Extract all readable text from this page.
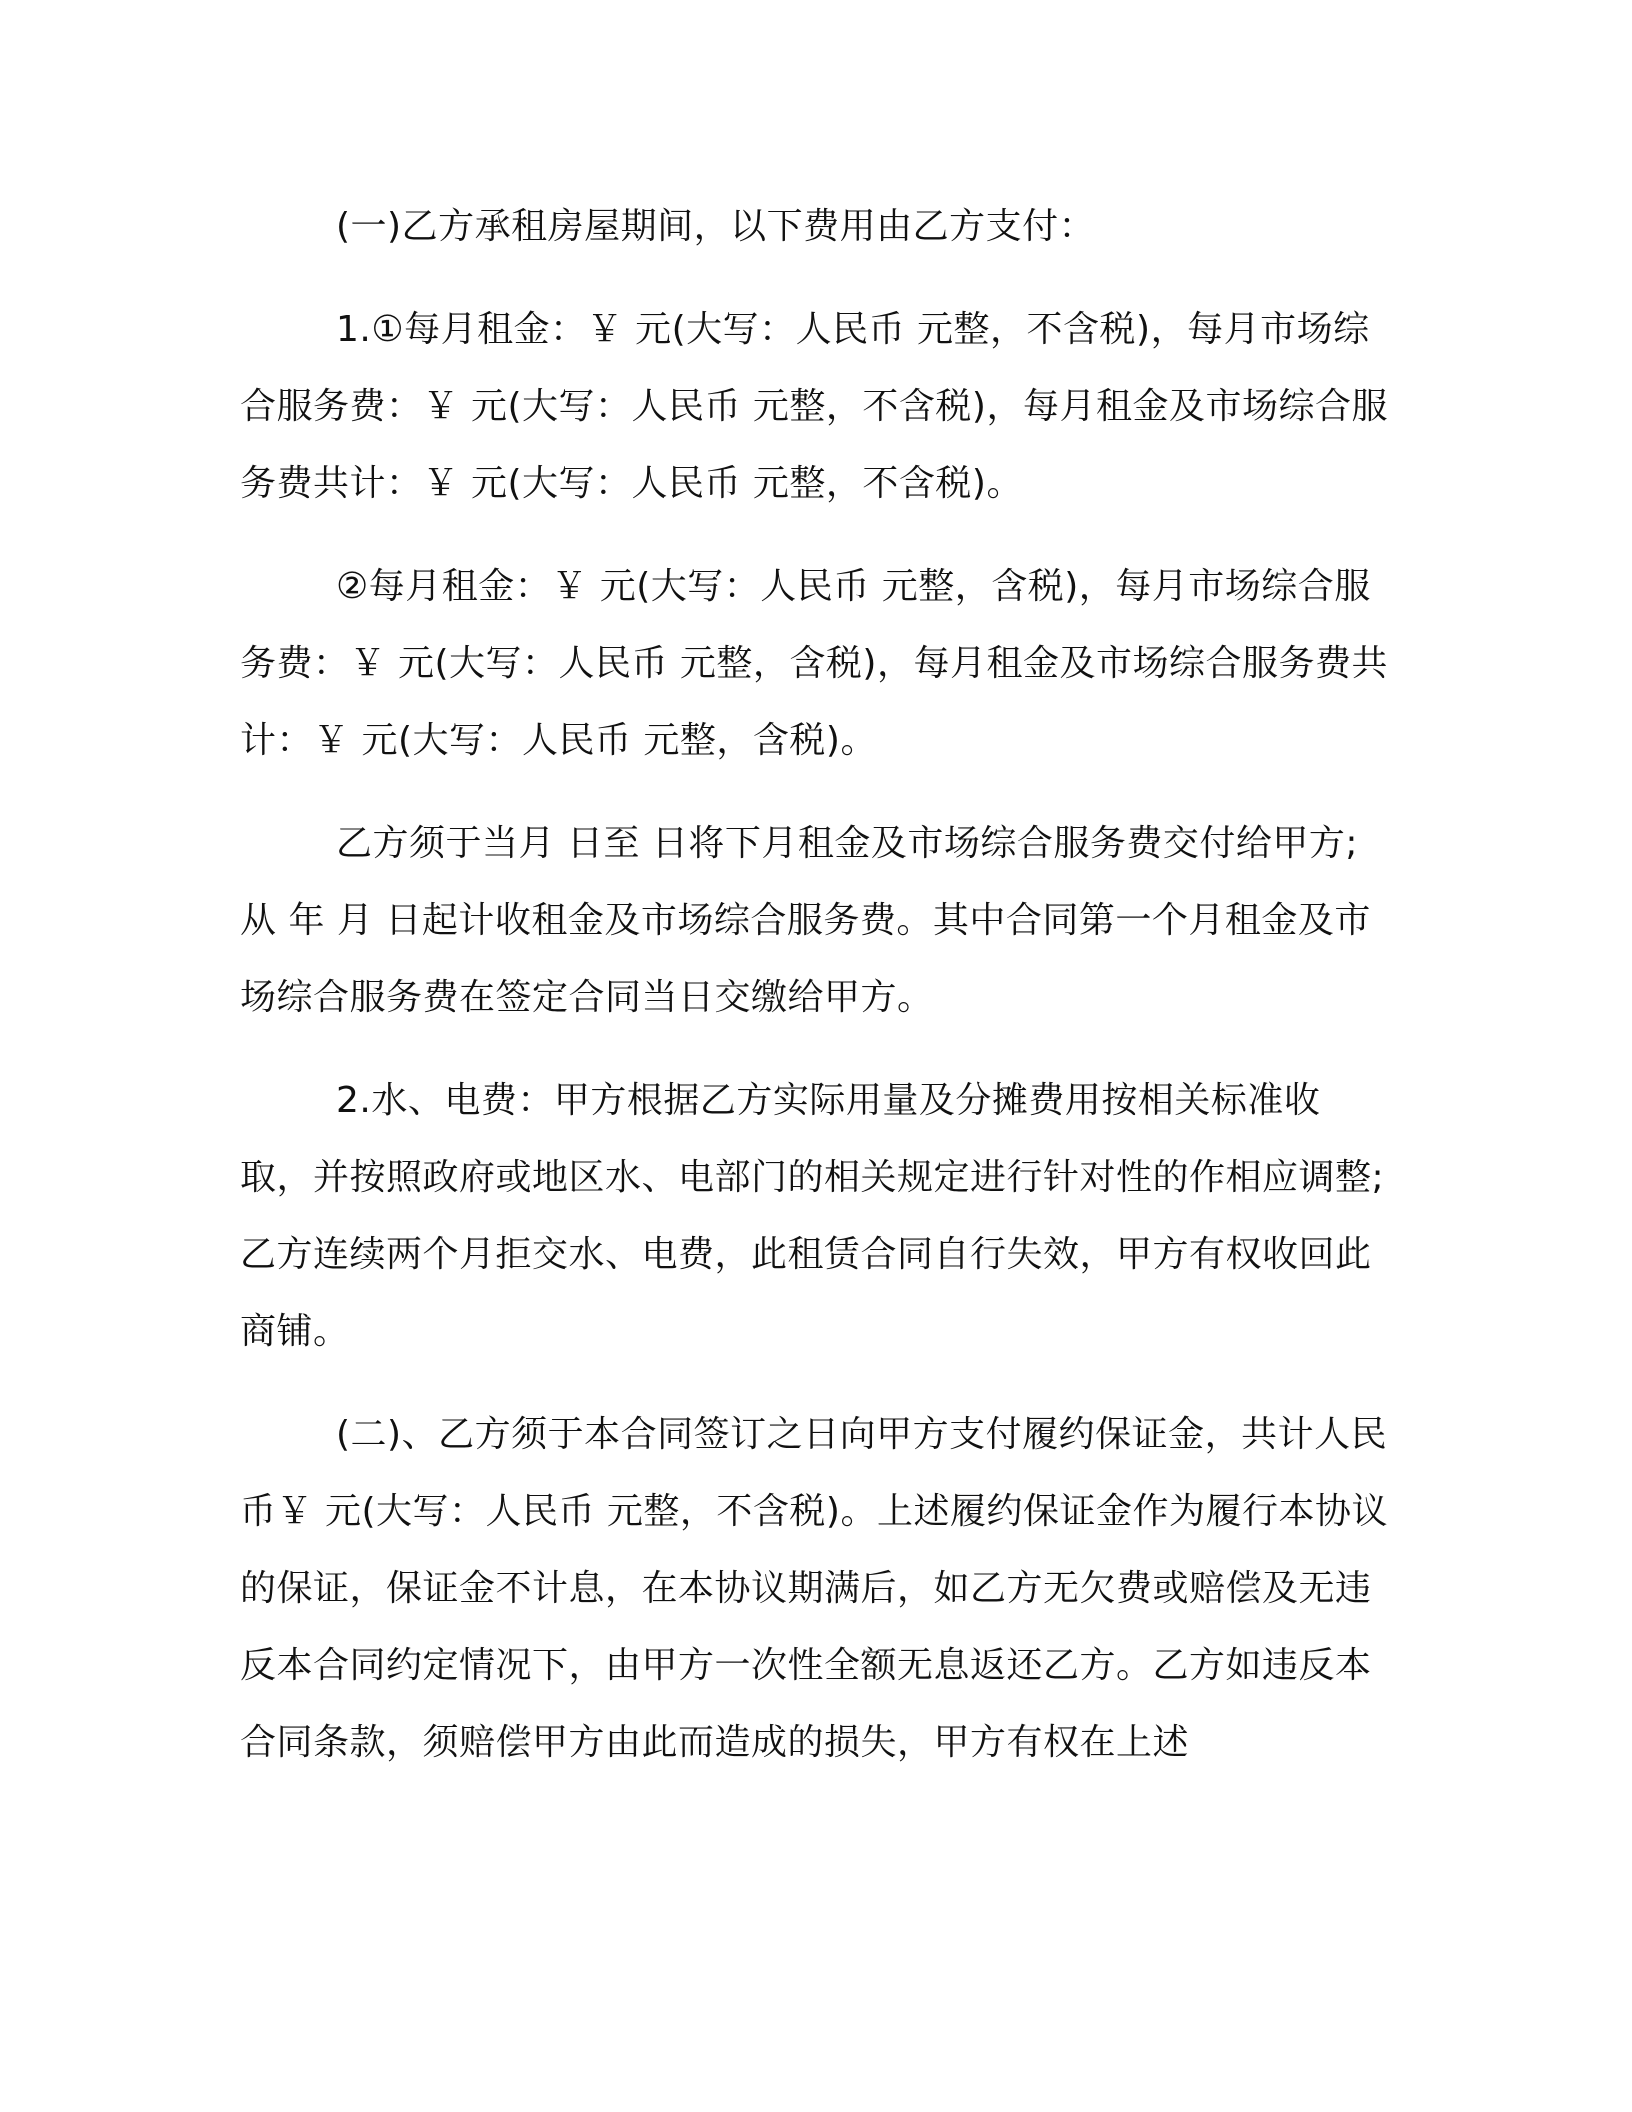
(一)乙方承租房屋期间，以下费用由乙方支付：

1.①每月租金：￥ 元(大写：人民币 元整，不含税)，每月市场综合服务费：￥ 元(大写：人民币 元整，不含税)，每月租金及市场综合服务费共计：￥ 元(大写：人民币 元整，不含税)。

②每月租金：￥ 元(大写：人民币 元整，含税)，每月市场综合服务费：￥ 元(大写：人民币 元整，含税)，每月租金及市场综合服务费共计：￥ 元(大写：人民币 元整，含税)。

乙方须于当月 日至 日将下月租金及市场综合服务费交付给甲方;从 年 月 日起计收租金及市场综合服务费。其中合同第一个月租金及市场综合服务费在签定合同当日交缴给甲方。

2.水、电费：甲方根据乙方实际用量及分摊费用按相关标准收取，并按照政府或地区水、电部门的相关规定进行针对性的作相应调整;乙方连续两个月拒交水、电费，此租赁合同自行失效，甲方有权收回此商铺。

(二)、乙方须于本合同签订之日向甲方支付履约保证金，共计人民币￥ 元(大写：人民币 元整，不含税)。上述履约保证金作为履行本协议的保证，保证金不计息，在本协议期满后，如乙方无欠费或赔偿及无违反本合同约定情况下，由甲方一次性全额无息返还乙方。乙方如违反本合同条款，须赔偿甲方由此而造成的损失，甲方有权在上述
